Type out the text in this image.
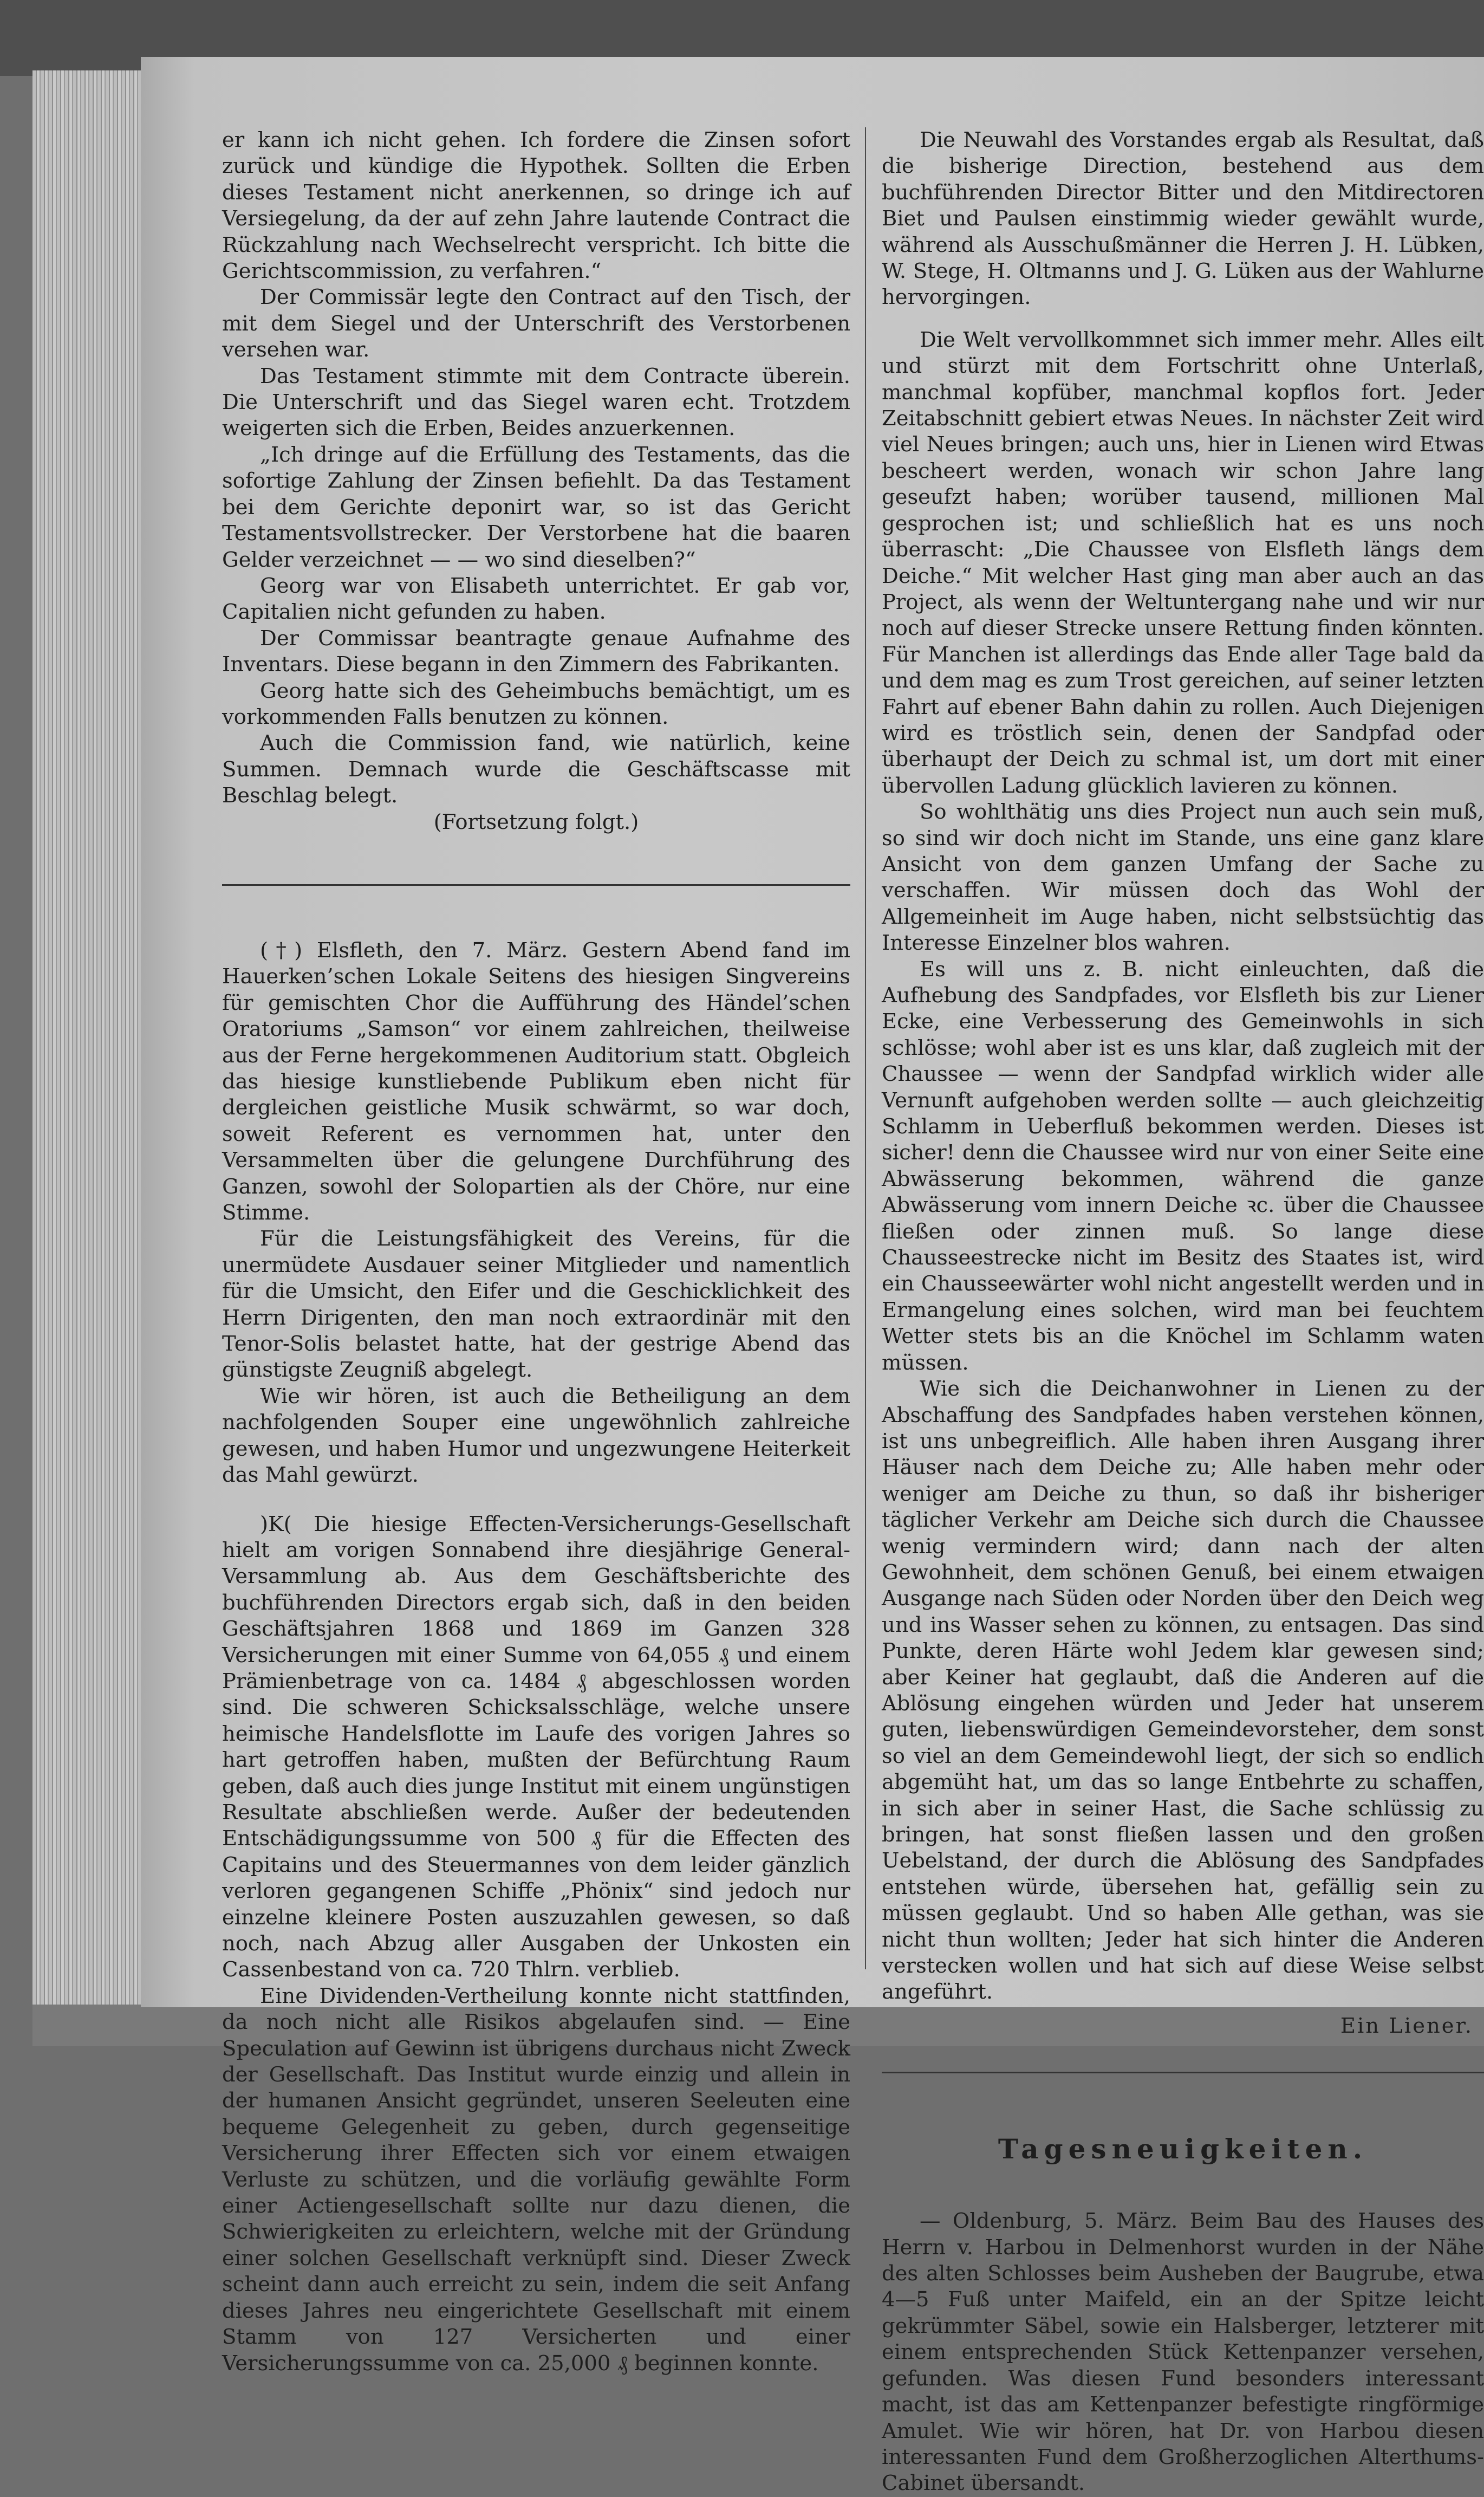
er kann ich nicht gehen. Ich fordere die Zinsen sofort zurück und kündige die Hypothek. Sollten die Erben dieses Testament nicht anerkennen, so dringe ich auf Versiegelung, da der auf zehn Jahre lautende Contract die Rückzahlung nach Wechselrecht verspricht. Ich bitte die Gerichtscommission, zu verfahren.“

Der Commissär legte den Contract auf den Tisch, der mit dem Siegel und der Unterschrift des Verstorbenen versehen war.

Das Testament stimmte mit dem Contracte überein. Die Unterschrift und das Siegel waren echt. Trotzdem weigerten sich die Erben, Beides anzuerkennen.

„Ich dringe auf die Erfüllung des Testaments, das die sofortige Zahlung der Zinsen befiehlt. Da das Testament bei dem Gerichte deponirt war, so ist das Gericht Testamentsvollstrecker. Der Verstorbene hat die baaren Gelder verzeichnet — — wo sind dieselben?“

Georg war von Elisabeth unterrichtet. Er gab vor, Capitalien nicht gefunden zu haben.

Der Commissar beantragte genaue Aufnahme des Inventars. Diese begann in den Zimmern des Fabrikanten.

Georg hatte sich des Geheimbuchs bemächtigt, um es vorkommenden Falls benutzen zu können.

Auch die Commission fand, wie natürlich, keine Summen. Demnach wurde die Geschäftscasse mit Beschlag belegt.

(Fortsetzung folgt.)

(†) Elsfleth, den 7. März. Gestern Abend fand im Hauerken’schen Lokale Seitens des hiesigen Singvereins für gemischten Chor die Aufführung des Händel’schen Oratoriums „Samson“ vor einem zahlreichen, theilweise aus der Ferne hergekommenen Auditorium statt. Obgleich das hiesige kunstliebende Publikum eben nicht für dergleichen geistliche Musik schwärmt, so war doch, soweit Referent es vernommen hat, unter den Versammelten über die gelungene Durchführung des Ganzen, sowohl der Solopartien als der Chöre, nur eine Stimme.

Für die Leistungsfähigkeit des Vereins, für die unermüdete Ausdauer seiner Mitglieder und namentlich für die Umsicht, den Eifer und die Geschicklichkeit des Herrn Dirigenten, den man noch extraordinär mit den Tenor-Solis belastet hatte, hat der gestrige Abend das günstigste Zeugniß abgelegt.

Wie wir hören, ist auch die Betheiligung an dem nachfolgenden Souper eine ungewöhnlich zahlreiche gewesen, und haben Humor und ungezwungene Heiterkeit das Mahl gewürzt.

)K( Die hiesige Effecten-Versicherungs-Gesellschaft hielt am vorigen Sonnabend ihre diesjährige General-Versammlung ab. Aus dem Geschäftsberichte des buchführenden Directors ergab sich, daß in den beiden Geschäftsjahren 1868 und 1869 im Ganzen 328 Versicherungen mit einer Summe von 64,055 ₰ und einem Prämienbetrage von ca. 1484 ₰ abgeschlossen worden sind. Die schweren Schicksalsschläge, welche unsere heimische Handelsflotte im Laufe des vorigen Jahres so hart getroffen haben, mußten der Befürchtung Raum geben, daß auch dies junge Institut mit einem ungünstigen Resultate abschließen werde. Außer der bedeutenden Entschädigungssumme von 500 ₰ für die Effecten des Capitains und des Steuermannes von dem leider gänzlich verloren gegangenen Schiffe „Phönix“ sind jedoch nur einzelne kleinere Posten auszuzahlen gewesen, so daß noch, nach Abzug aller Ausgaben der Unkosten ein Cassenbestand von ca. 720 Thlrn. verblieb.

Eine Dividenden-Vertheilung konnte nicht stattfinden, da noch nicht alle Risikos abgelaufen sind. — Eine Speculation auf Gewinn ist übrigens durchaus nicht Zweck der Gesellschaft. Das Institut wurde einzig und allein in der humanen Ansicht gegründet, unseren Seeleuten eine bequeme Gelegenheit zu geben, durch gegenseitige Versicherung ihrer Effecten sich vor einem etwaigen Verluste zu schützen, und die vorläufig gewählte Form einer Actiengesellschaft sollte nur dazu dienen, die Schwierigkeiten zu erleichtern, welche mit der Gründung einer solchen Gesellschaft verknüpft sind. Dieser Zweck scheint dann auch erreicht zu sein, indem die seit Anfang dieses Jahres neu eingerichtete Gesellschaft mit einem Stamm von 127 Versicherten und einer Versicherungssumme von ca. 25,000 ₰ beginnen konnte.

Die Neuwahl des Vorstandes ergab als Resultat, daß die bisherige Direction, bestehend aus dem buchführenden Director Bitter und den Mitdirectoren Biet und Paulsen einstimmig wieder gewählt wurde, während als Ausschußmänner die Herren J. H. Lübken, W. Stege, H. Oltmanns und J. G. Lüken aus der Wahlurne hervorgingen.

Die Welt vervollkommnet sich immer mehr. Alles eilt und stürzt mit dem Fortschritt ohne Unterlaß, manchmal kopfüber, manchmal kopflos fort. Jeder Zeitabschnitt gebiert etwas Neues. In nächster Zeit wird viel Neues bringen; auch uns, hier in Lienen wird Etwas bescheert werden, wonach wir schon Jahre lang geseufzt haben; worüber tausend, millionen Mal gesprochen ist; und schließlich hat es uns noch überrascht: „Die Chaussee von Elsfleth längs dem Deiche.“ Mit welcher Hast ging man aber auch an das Project, als wenn der Weltuntergang nahe und wir nur noch auf dieser Strecke unsere Rettung finden könnten. Für Manchen ist allerdings das Ende aller Tage bald da und dem mag es zum Trost gereichen, auf seiner letzten Fahrt auf ebener Bahn dahin zu rollen. Auch Diejenigen wird es tröstlich sein, denen der Sandpfad oder überhaupt der Deich zu schmal ist, um dort mit einer übervollen Ladung glücklich lavieren zu können.

So wohlthätig uns dies Project nun auch sein muß, so sind wir doch nicht im Stande, uns eine ganz klare Ansicht von dem ganzen Umfang der Sache zu verschaffen. Wir müssen doch das Wohl der Allgemeinheit im Auge haben, nicht selbstsüchtig das Interesse Einzelner blos wahren.

Es will uns z. B. nicht einleuchten, daß die Aufhebung des Sandpfades, vor Elsfleth bis zur Liener Ecke, eine Verbesserung des Gemeinwohls in sich schlösse; wohl aber ist es uns klar, daß zugleich mit der Chaussee — wenn der Sandpfad wirklich wider alle Vernunft aufgehoben werden sollte — auch gleichzeitig Schlamm in Ueberfluß bekommen werden. Dieses ist sicher! denn die Chaussee wird nur von einer Seite eine Abwässerung bekommen, während die ganze Abwässerung vom innern Deiche ꝛc. über die Chaussee fließen oder zinnen muß. So lange diese Chausseestrecke nicht im Besitz des Staates ist, wird ein Chausseewärter wohl nicht angestellt werden und in Ermangelung eines solchen, wird man bei feuchtem Wetter stets bis an die Knöchel im Schlamm waten müssen.

Wie sich die Deichanwohner in Lienen zu der Abschaffung des Sandpfades haben verstehen können, ist uns unbegreiflich. Alle haben ihren Ausgang ihrer Häuser nach dem Deiche zu; Alle haben mehr oder weniger am Deiche zu thun, so daß ihr bisheriger täglicher Verkehr am Deiche sich durch die Chaussee wenig vermindern wird; dann nach der alten Gewohnheit, dem schönen Genuß, bei einem etwaigen Ausgange nach Süden oder Norden über den Deich weg und ins Wasser sehen zu können, zu entsagen. Das sind Punkte, deren Härte wohl Jedem klar gewesen sind; aber Keiner hat geglaubt, daß die Anderen auf die Ablösung eingehen würden und Jeder hat unserem guten, liebenswürdigen Gemeindevorsteher, dem sonst so viel an dem Gemeindewohl liegt, der sich so endlich abgemüht hat, um das so lange Entbehrte zu schaffen, in sich aber in seiner Hast, die Sache schlüssig zu bringen, hat sonst fließen lassen und den großen Uebelstand, der durch die Ablösung des Sandpfades entstehen würde, übersehen hat, gefällig sein zu müssen geglaubt. Und so haben Alle gethan, was sie nicht thun wollten; Jeder hat sich hinter die Anderen verstecken wollen und hat sich auf diese Weise selbst angeführt.

Ein Liener.

Tagesneuigkeiten.

— Oldenburg, 5. März. Beim Bau des Hauses des Herrn v. Harbou in Delmenhorst wurden in der Nähe des alten Schlosses beim Ausheben der Baugrube, etwa 4—5 Fuß unter Maifeld, ein an der Spitze leicht gekrümmter Säbel, sowie ein Halsberger, letzterer mit einem entsprechenden Stück Kettenpanzer versehen, gefunden. Was diesen Fund besonders interessant macht, ist das am Kettenpanzer befestigte ringförmige Amulet. Wie wir hören, hat Dr. von Harbou diesen interessanten Fund dem Großherzoglichen Alterthums-Cabinet übersandt.
